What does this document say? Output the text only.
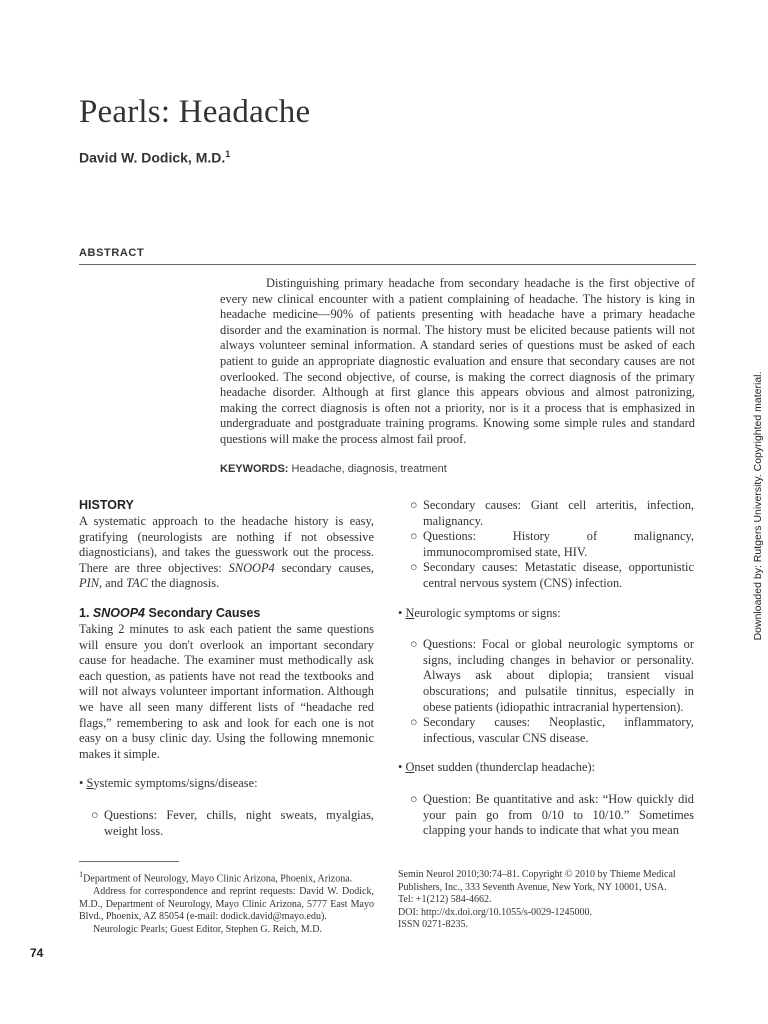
Pearls: Headache
David W. Dodick, M.D.$^1$
ABSTRACT

Distinguishing primary headache from secondary headache is the first objective of every new clinical encounter with a patient complaining of headache. The history is king in headache medicine—90% of patients presenting with headache have a primary headache disorder and the examination is normal. The history must be elicited because patients will not always volunteer seminal information. A standard series of questions must be asked of each patient to guide an appropriate diagnostic evaluation and ensure that secondary causes are not overlooked. The second objective, of course, is making the correct diagnosis of the primary headache disorder. Although at first glance this appears obvious and almost patronizing, making the correct diagnosis is often not a priority, nor is it a process that is emphasized in undergraduate and postgraduate training programs. Knowing some simple rules and standard questions will make the process almost fail proof.

KEYWORDS: Headache, diagnosis, treatment
HISTORY

A systematic approach to the headache history is easy, gratifying (neurologists are nothing if not obsessive diagnosticians), and takes the guesswork out the process. There are three objectives: SNOOP4 secondary causes, PIN, and TAC the diagnosis.

1. SNOOP4 Secondary Causes

Taking 2 minutes to ask each patient the same questions will ensure you don't overlook an important secondary cause for headache. The examiner must methodically ask each question, as patients have not read the textbooks and will not always volunteer important information. Although we have all seen many different lists of “headache red flags,” remembering to ask and look for each one is not easy on a busy clinic day. Using the following mnemonic makes it simple.

• Systemic symptoms/signs/disease:

○ Questions: Fever, chills, night sweats, myalgias, weight loss.

○ Secondary causes: Giant cell arteritis, infection, malignancy.

○ Questions: History of malignancy, immunocompromised state, HIV.

○ Secondary causes: Metastatic disease, opportunistic central nervous system (CNS) infection.

• Neurologic symptoms or signs:

○ Questions: Focal or global neurologic symptoms or signs, including changes in behavior or personality. Always ask about diplopia; transient visual obscurations; and pulsatile tinnitus, especially in obese patients (idiopathic intracranial hypertension).

○ Secondary causes: Neoplastic, inflammatory, infectious, vascular CNS disease.

• Onset sudden (thunderclap headache):

○ Question: Be quantitative and ask: “How quickly did your pain go from 0/10 to 10/10.” Sometimes clapping your hands to indicate that what you mean

$^1$Department of Neurology, Mayo Clinic Arizona, Phoenix, Arizona.
Address for correspondence and reprint requests: David W. Dodick, M.D., Department of Neurology, Mayo Clinic Arizona, 5777 East Mayo Blvd., Phoenix, AZ 85054 (e-mail: dodick.david@mayo.edu).
Neurologic Pearls; Guest Editor, Stephen G. Reich, M.D.
Semin Neurol 2010;30:74–81. Copyright © 2010 by Thieme Medical Publishers, Inc., 333 Seventh Avenue, New York, NY 10001, USA.
Tel: +1(212) 584-4662.
DOI: http://dx.doi.org/10.1055/s-0029-1245000.
ISSN 0271-8235.
74
Downloaded by: Rutgers University. Copyrighted material.
